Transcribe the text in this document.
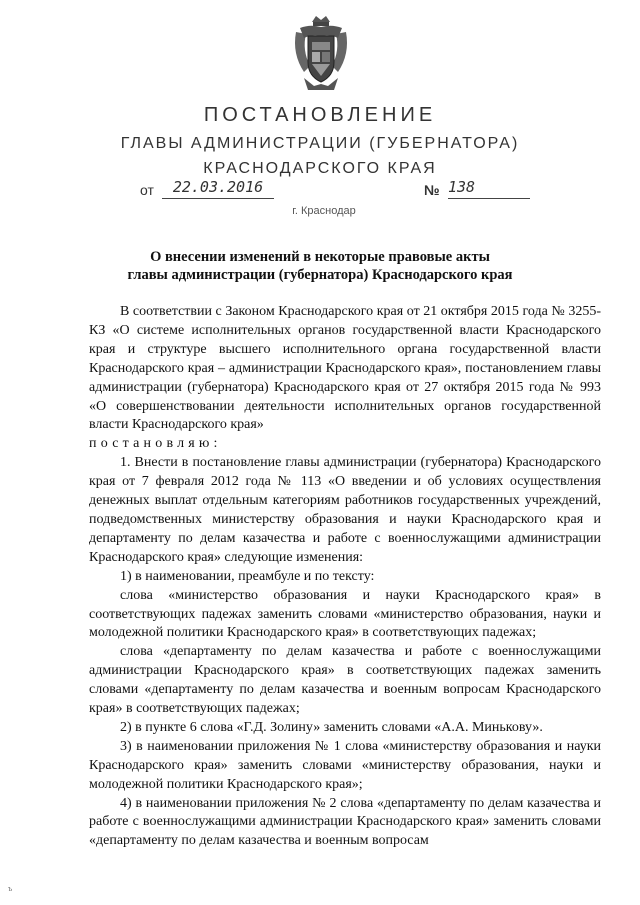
ПОСТАНОВЛЕНИЕ
ГЛАВЫ АДМИНИСТРАЦИИ (ГУБЕРНАТОРА)
КРАСНОДАРСКОГО КРАЯ
от	22.03.2016	№ 138
г. Краснодар
О внесении изменений в некоторые правовые акты
главы администрации (губернатора) Краснодарского края

В соответствии с Законом Краснодарского края от 21 октября 2015 года № 3255-КЗ «О системе исполнительных органов государственной власти Краснодарского края и структуре высшего исполнительного органа государственной власти Краснодарского края – администрации Краснодарского края», постановлением главы администрации (губернатора) Краснодарского края от 27 октября 2015 года № 993 «О совершенствовании деятельности исполнительных органов государственной власти Краснодарского края»

постановляю:

1. Внести в постановление главы администрации (губернатора) Краснодарского края от 7 февраля 2012 года № 113 «О введении и об условиях осуществления денежных выплат отдельным категориям работников государственных учреждений, подведомственных министерству образования и науки Краснодарского края и департаменту по делам казачества и работе с военнослужащими администрации Краснодарского края» следующие изменения:

1) в наименовании, преамбуле и по тексту:

слова «министерство образования и науки Краснодарского края» в соответствующих падежах заменить словами «министерство образования, науки и молодежной политики Краснодарского края» в соответствующих падежах;

слова «департаменту по делам казачества и работе с военнослужащими администрации Краснодарского края» в соответствующих падежах заменить словами «департаменту по делам казачества и военным вопросам Краснодарского края» в соответствующих падежах;

2) в пункте 6 слова «Г.Д. Золину» заменить словами «А.А. Минькову».

3) в наименовании приложения № 1 слова «министерству образования и науки Краснодарского края» заменить словами «министерству образования, науки и молодежной политики Краснодарского края»;

4) в наименовании приложения № 2 слова «департаменту по делам казачества и работе с военнослужащими администрации Краснодарского края» заменить словами «департаменту по делам казачества и военным вопросам

ъ
